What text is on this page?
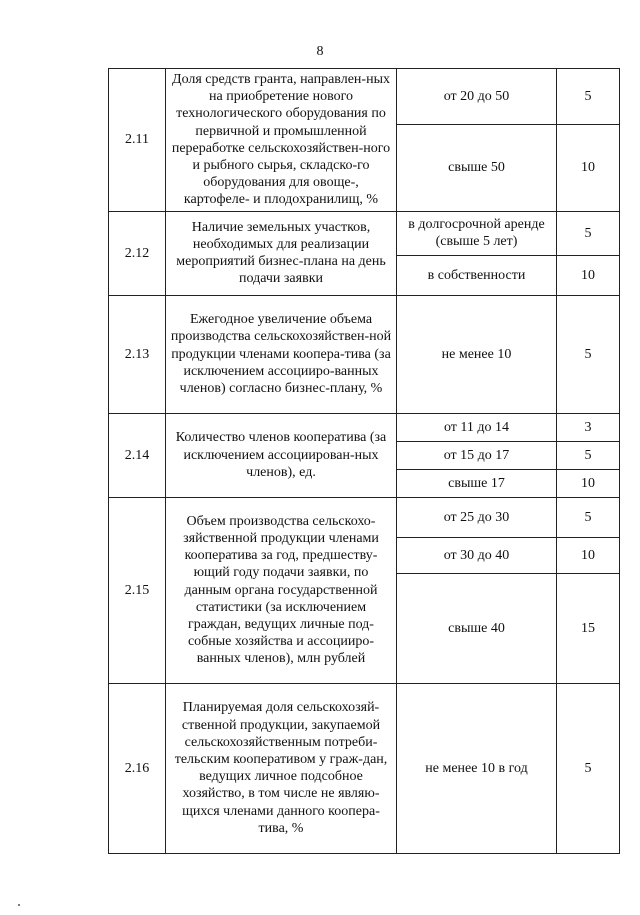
8
2.11	Доля средств гранта, направлен-ных на приобретение нового технологического оборудования по первичной и промышленной переработке сельскохозяйствен-ного и рыбного сырья, складско-го оборудования для овоще-, картофеле- и плодохранилищ, %	от 20 до 50	5
		свыше 50	10
2.12	Наличие земельных участков, необходимых для реализации мероприятий бизнес-плана на день подачи заявки	в долгосрочной аренде (свыше 5 лет)	5
		в собственности	10
2.13	Ежегодное увеличение объема производства сельскохозяйствен-ной продукции членами коопера-тива (за исключением ассоцииро-ванных членов) согласно бизнес-плану, %	не менее 10	5
2.14	Количество членов кооператива (за исключением ассоциирован-ных членов), ед.	от 11 до 14	3
		от 15 до 17	5
		свыше 17	10
2.15	Объем производства сельскохо-зяйственной продукции членами кооператива за год, предшеству-ющий году подачи заявки, по данным органа государственной статистики (за исключением граждан, ведущих личные под-собные хозяйства и ассоцииро-ванных членов), млн рублей	от 25 до 30	5
		от 30 до 40	10
		свыше 40	15
2.16	Планируемая доля сельскохозяй-ственной продукции, закупаемой сельскохозяйственным потреби-тельским кооперативом у граж-дан, ведущих личное подсобное хозяйство, в том числе не являю-щихся членами данного коопера-тива, %	не менее 10 в год	5
